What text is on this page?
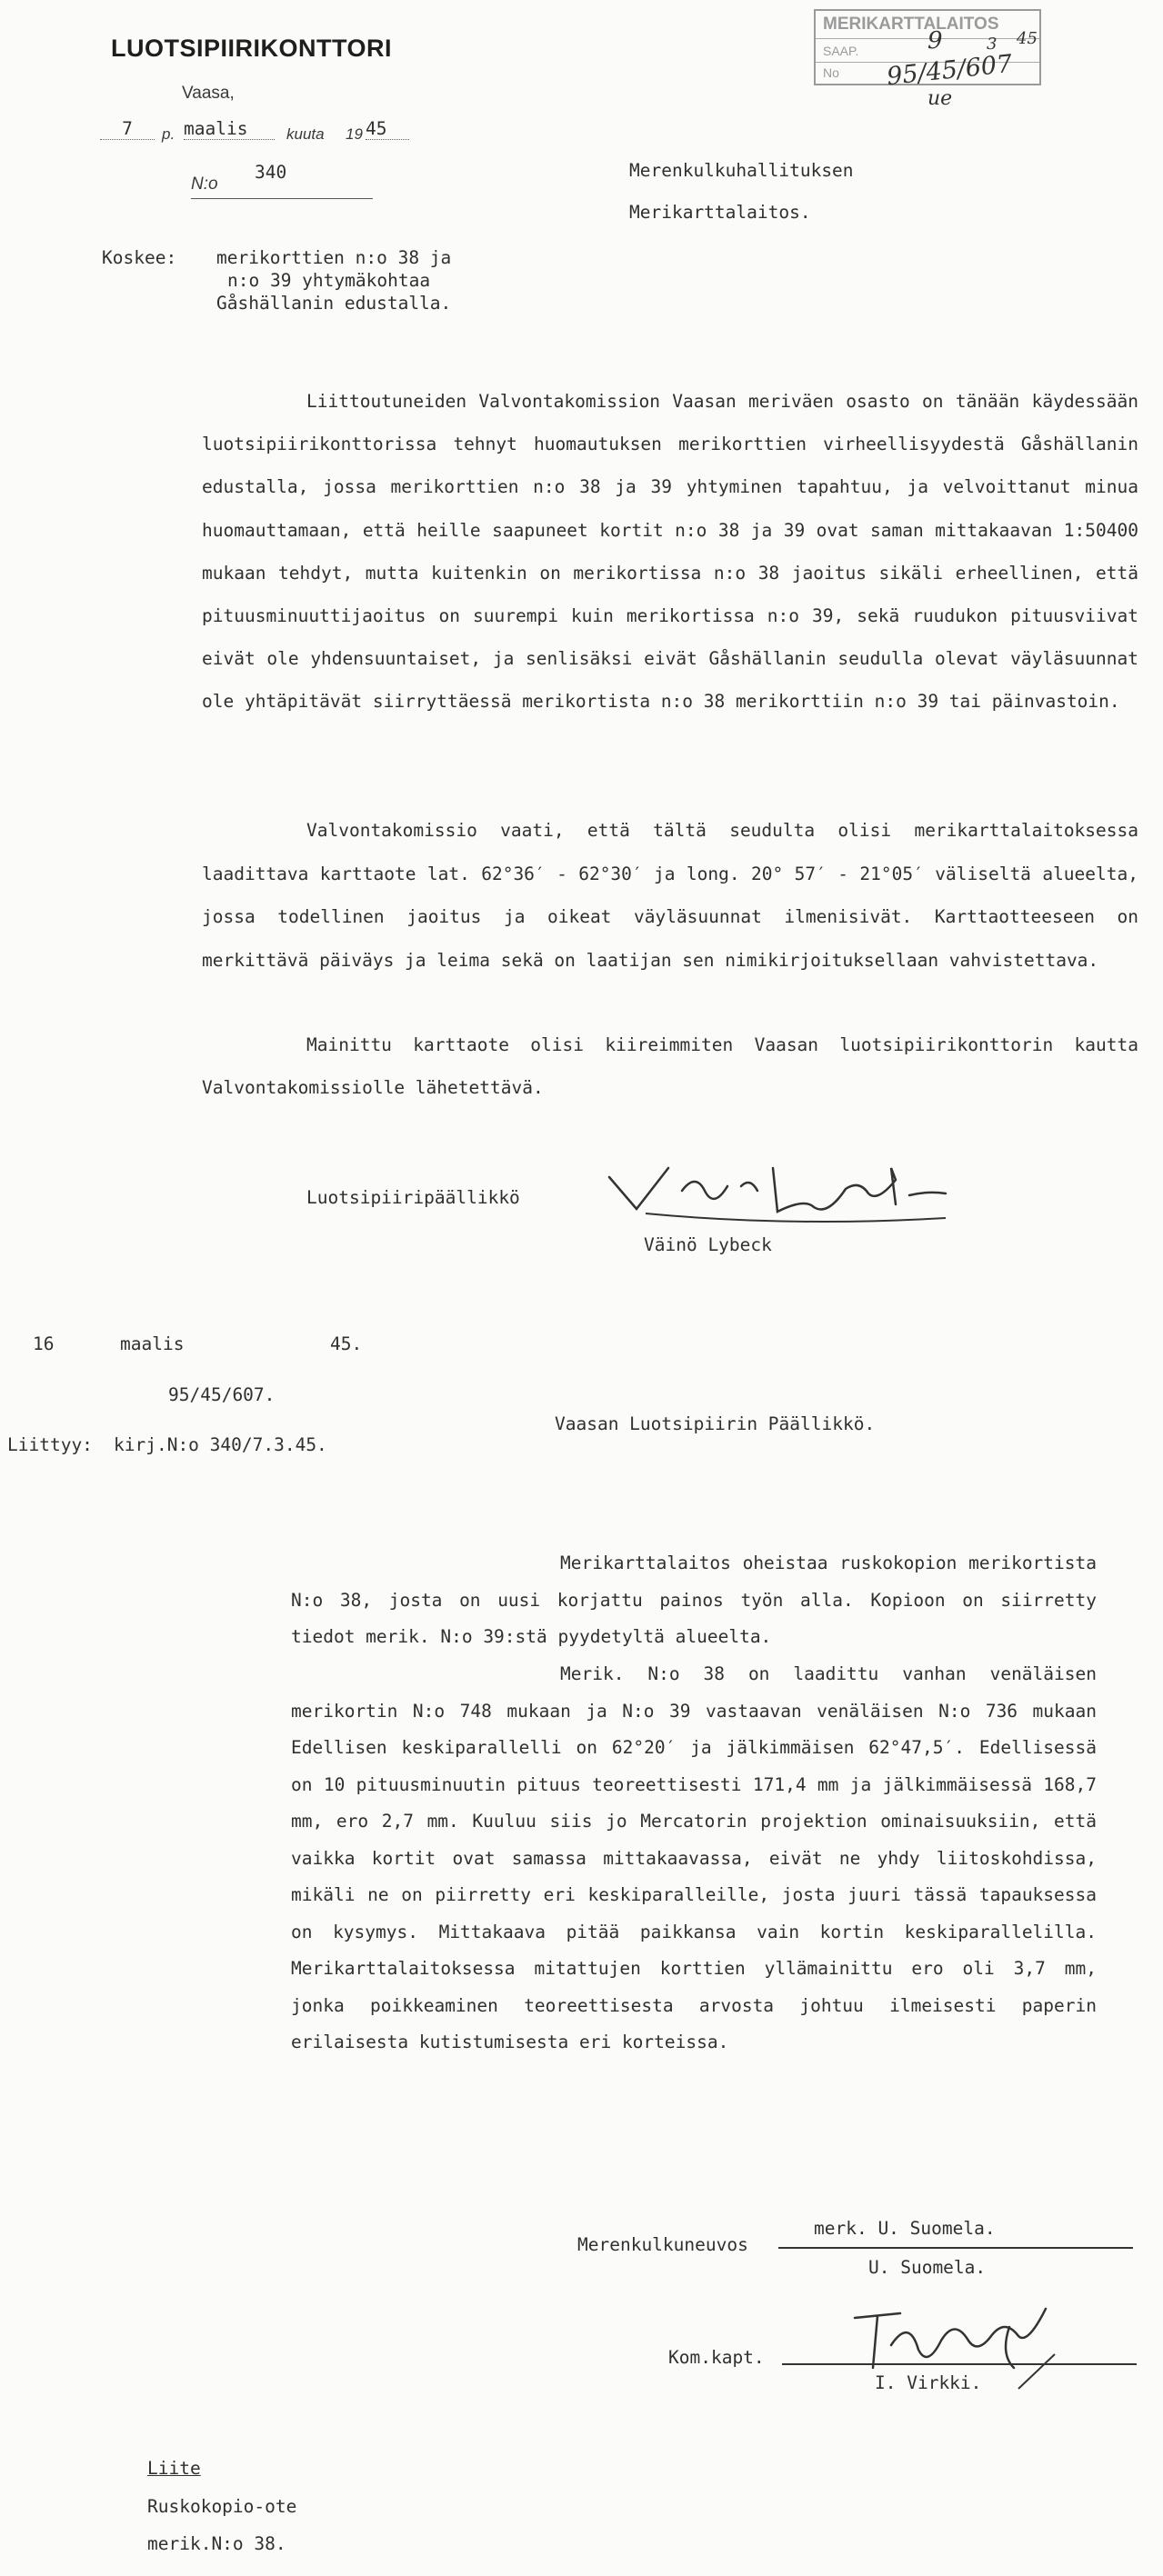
LUOTSIPIIRIKONTTORI
Vaasa,
7	p. maalis	kuuta 19 45
N:o
340
MERIKARTTALAITOS
SAAP.
No
9	3 45
95/45/607
ue
Merenkulkuhallituksen
Merikarttalaitos.
Koskee: merikorttien n:o 38 ja
n:o 39 yhtymäkohtaa
Gåshällanin edustalla.

Liittoutuneiden Valvontakomission Vaasan meriväen osasto on tänään käydessään luotsipiirikonttorissa tehnyt huomautuksen merikorttien virheellisyydestä Gåshällanin edustalla, jossa merikorttien n:o 38 ja 39 yhtyminen tapahtuu, ja velvoittanut minua huomauttamaan, että heille saapuneet kortit n:o 38 ja 39 ovat saman mittakaavan 1:50400 mukaan tehdyt, mutta kuitenkin on merikortissa n:o 38 jaoitus sikäli erheellinen, että pituusminuuttijaoitus on suurempi kuin merikortissa n:o 39, sekä ruudukon pituusviivat eivät ole yhdensuuntaiset, ja senlisäksi eivät Gåshällanin seudulla olevat väyläsuunnat ole yhtäpitävät siirryttäessä merikortista n:o 38 merikorttiin n:o 39 tai päinvastoin.

Valvontakomissio vaati, että tältä seudulta olisi merikarttalaitoksessa laadittava karttaote lat. 62°36′ - 62°30′ ja long. 20° 57′ - 21°05′ väliseltä alueelta, jossa todellinen jaoitus ja oikeat väyläsuunnat ilmenisivät. Karttaotteeseen on merkittävä päiväys ja leima sekä on laatijan sen nimikirjoituksellaan vahvistettava.

Mainittu karttaote olisi kiireimmiten Vaasan luotsipiirikonttorin kautta Valvontakomissiolle lähetettävä.

Luotsipiiripäällikkö
Väinö Lybeck
16	maalis	45.
95/45/607.
Liittyy: kirj.N:o 340/7.3.45.
Vaasan Luotsipiirin Päällikkö.

Merikarttalaitos oheistaa ruskokopion merikortista N:o 38, josta on uusi korjattu painos työn alla. Kopioon on siirretty tiedot merik. N:o 39:stä pyydetyltä alueelta.

Merik. N:o 38 on laadittu vanhan venäläisen merikortin N:o 748 mukaan ja N:o 39 vastaavan venäläisen N:o 736 mukaan Edellisen keskiparallelli on 62°20′ ja jälkimmäisen 62°47,5′. Edellisessä on 10 pituusminuutin pituus teoreettisesti 171,4 mm ja jälkimmäisessä 168,7 mm, ero 2,7 mm. Kuuluu siis jo Mercatorin projektion ominaisuuksiin, että vaikka kortit ovat samassa mittakaavassa, eivät ne yhdy liitoskohdissa, mikäli ne on piirretty eri keskiparalleille, josta juuri tässä tapauksessa on kysymys. Mittakaava pitää paikkansa vain kortin keskiparallelilla. Merikarttalaitoksessa mitattujen korttien yllämainittu ero oli 3,7 mm, jonka poikkeaminen teoreettisesta arvosta johtuu ilmeisesti paperin erilaisesta kutistumisesta eri korteissa.

Merenkulkuneuvos
merk. U. Suomela.
U. Suomela.
Kom.kapt.
I. Virkki.
Liite
Ruskokopio-ote
merik.N:o 38.
